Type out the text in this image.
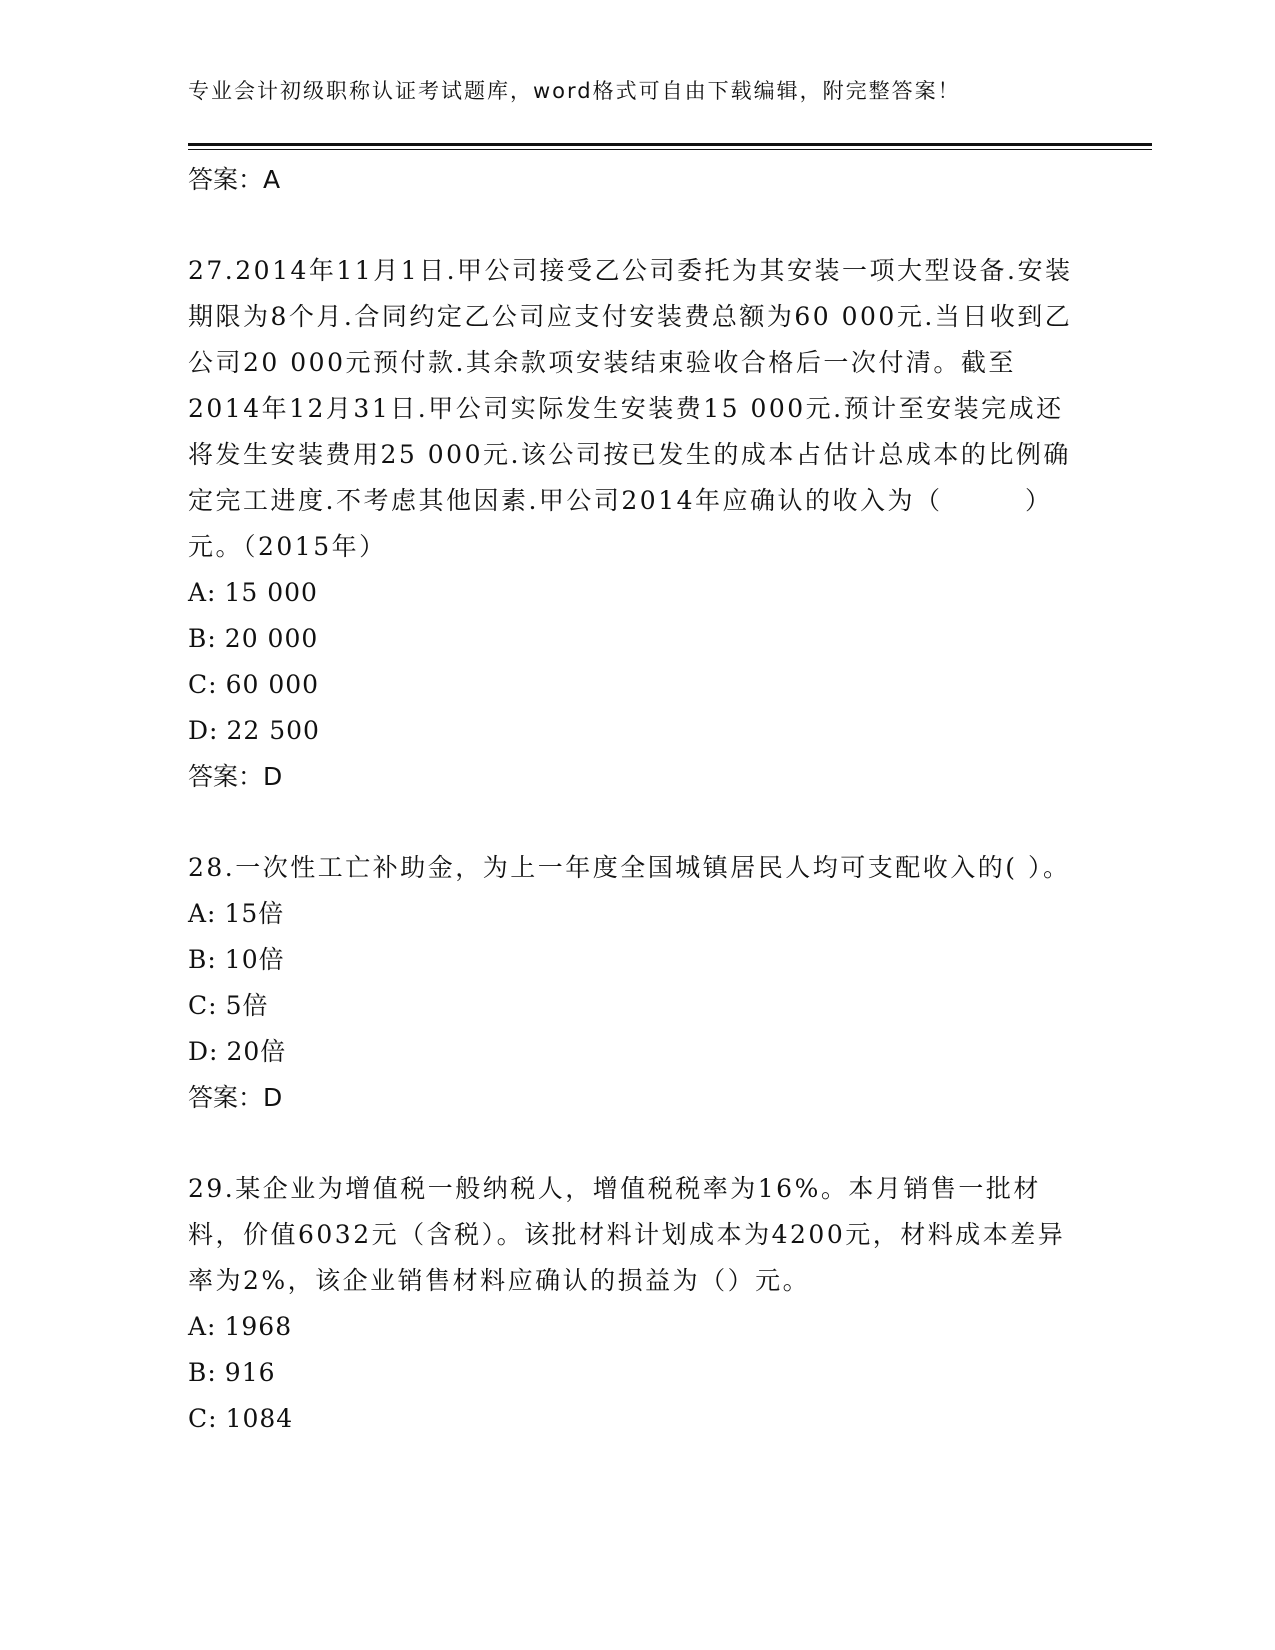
专业会计初级职称认证考试题库，word格式可自由下载编辑，附完整答案！
答案：A

27.2014年11月1日.甲公司接受乙公司委托为其安装一项大型设备.安装期限为8个月.合同约定乙公司应支付安装费总额为60 000元.当日收到乙公司20 000元预付款.其余款项安装结束验收合格后一次付清。截至2014年12月31日.甲公司实际发生安装费15 000元.预计至安装完成还将发生安装费用25 000元.该公司按已发生的成本占估计总成本的比例确定完工进度.不考虑其他因素.甲公司2014年应确认的收入为（　　　）元。（2015年）

A: 15 000
B: 20 000
C: 60 000
D: 22 500
答案：D

28.一次性工亡补助金，为上一年度全国城镇居民人均可支配收入的( ）。

A: 15倍
B: 10倍
C: 5倍
D: 20倍
答案：D

29.某企业为增值税一般纳税人，增值税税率为16%。本月销售一批材料，价值6032元（含税）。该批材料计划成本为4200元，材料成本差异率为2%，该企业销售材料应确认的损益为（）元。

A: 1968
B: 916
C: 1084
